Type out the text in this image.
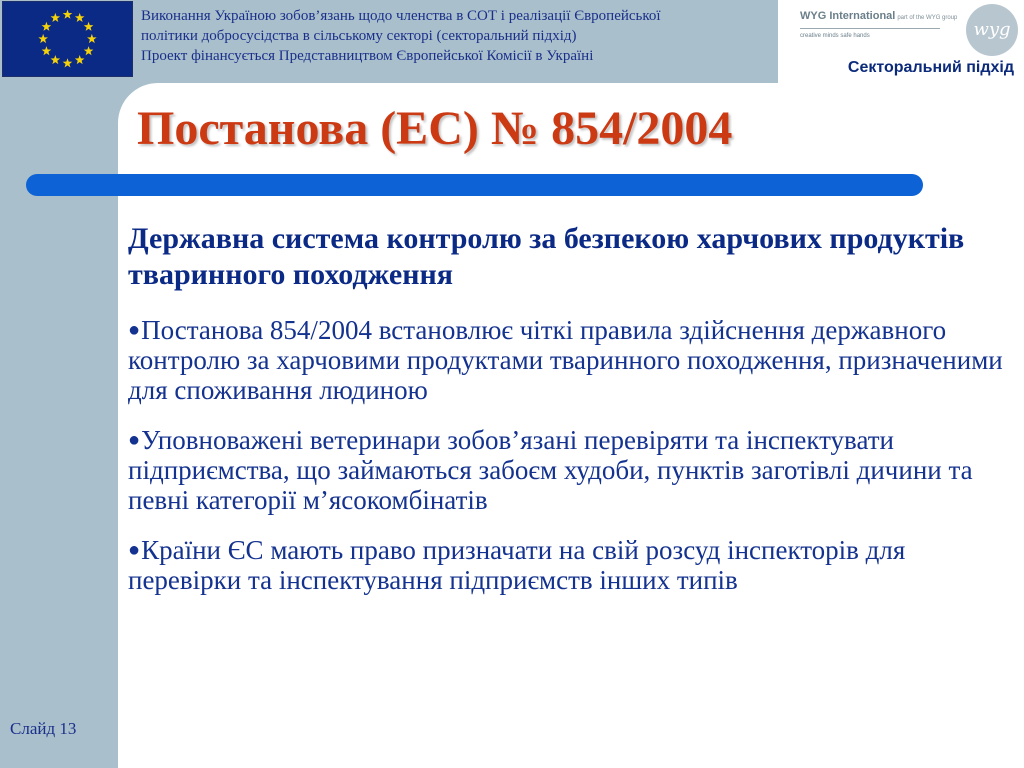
Виконання Україною зобов’язань щодо членства в СОТ і реалізації Європейської
політики добросусідства в сільському секторі (секторальний підхід)
Проект фінансується Представництвом Європейської Комісії в Україні
WYG International part of the WYG group
creative minds safe hands	wyg
Секторальний підхід
Постанова (ЕС) № 854/2004
Державна система контролю за безпекою харчових продуктів тваринного походження
●Постанова 854/2004 встановлює чіткі правила здійснення державного контролю за харчовими продуктами тваринного походження, призначеними для споживання людиною
●Уповноважені ветеринари зобов’язані перевіряти та інспектувати підприємства, що займаються забоєм худоби, пунктів заготівлі дичини та певні категорії м’ясокомбінатів
●Країни ЄС мають право призначати на свій розсуд інспекторів для перевірки та інспектування підприємств інших типів
Слайд 13
